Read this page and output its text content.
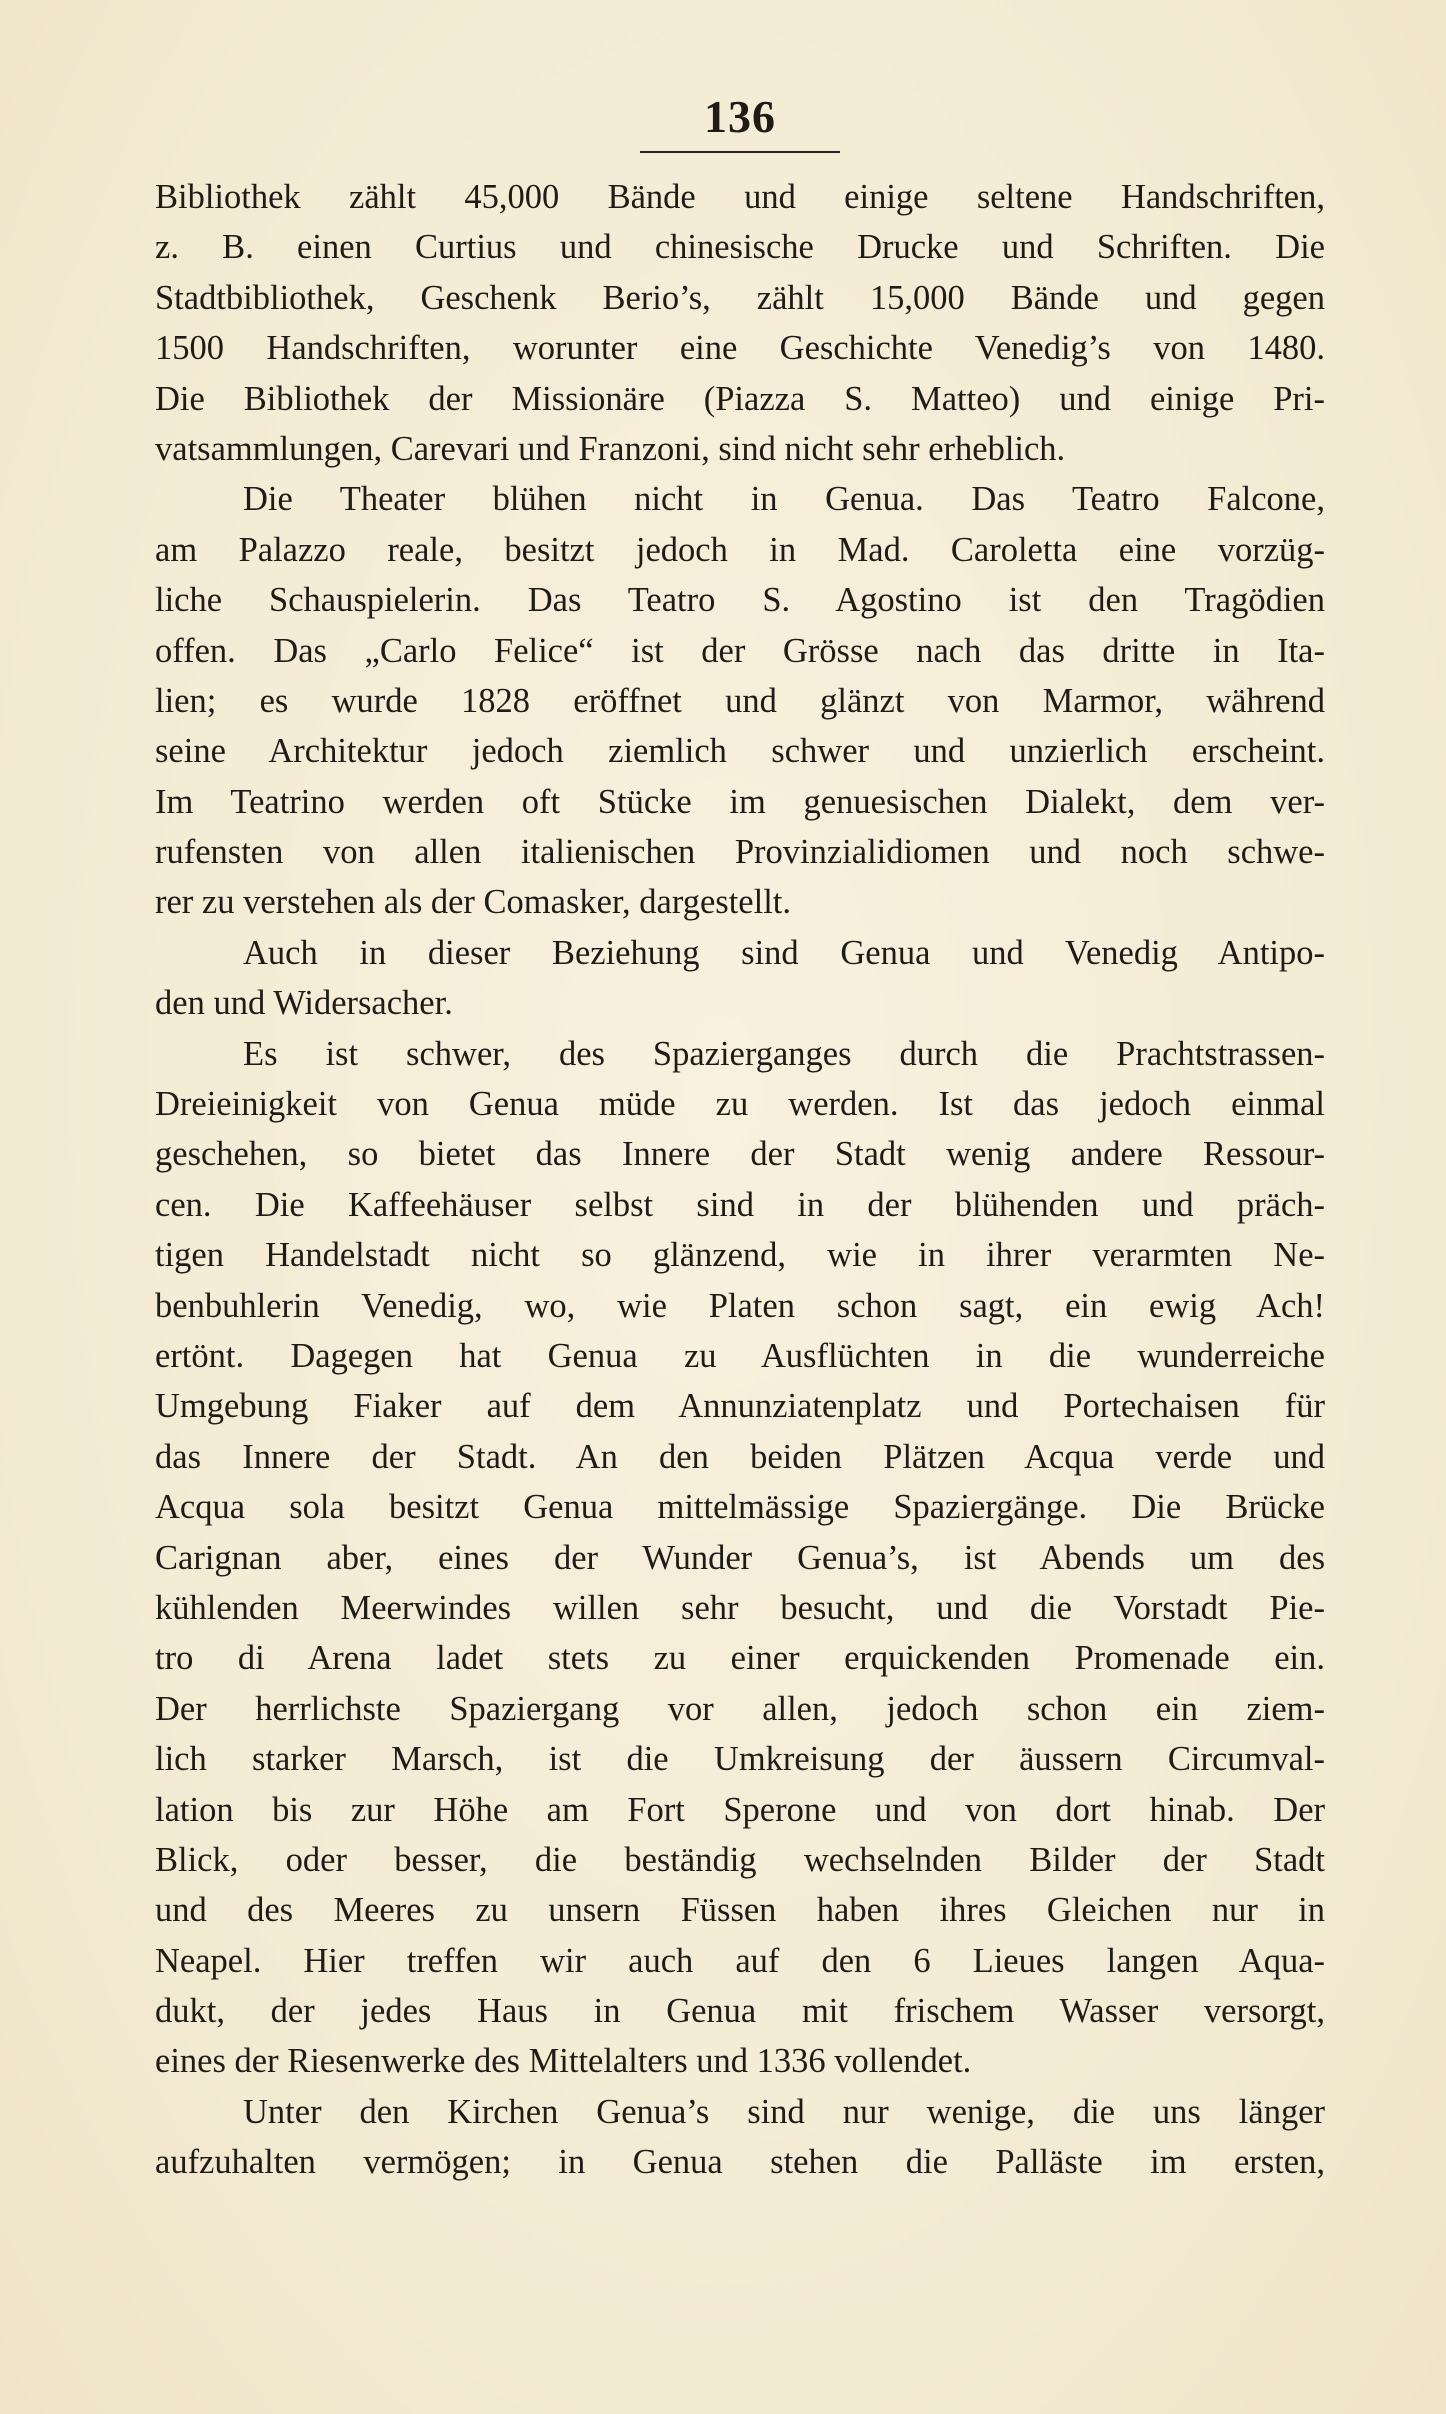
136
Bibliothek zählt 45,000 Bände und einige seltene Handschriften,
z. B. einen Curtius und chinesische Drucke und Schriften. Die
Stadtbibliothek, Geschenk Berio’s, zählt 15,000 Bände und gegen
1500 Handschriften, worunter eine Geschichte Venedig’s von 1480.
Die Bibliothek der Missionäre (Piazza S. Matteo) und einige Pri-
vatsammlungen, Carevari und Franzoni, sind nicht sehr erheblich.
Die Theater blühen nicht in Genua. Das Teatro Falcone,
am Palazzo reale, besitzt jedoch in Mad. Caroletta eine vorzüg-
liche Schauspielerin. Das Teatro S. Agostino ist den Tragödien
offen. Das „Carlo Felice“ ist der Grösse nach das dritte in Ita-
lien; es wurde 1828 eröffnet und glänzt von Marmor, während
seine Architektur jedoch ziemlich schwer und unzierlich erscheint.
Im Teatrino werden oft Stücke im genuesischen Dialekt, dem ver-
rufensten von allen italienischen Provinzialidiomen und noch schwe-
rer zu verstehen als der Comasker, dargestellt.
Auch in dieser Beziehung sind Genua und Venedig Antipo-
den und Widersacher.
Es ist schwer, des Spazierganges durch die Prachtstrassen-
Dreieinigkeit von Genua müde zu werden. Ist das jedoch einmal
geschehen, so bietet das Innere der Stadt wenig andere Ressour-
cen. Die Kaffeehäuser selbst sind in der blühenden und präch-
tigen Handelstadt nicht so glänzend, wie in ihrer verarmten Ne-
benbuhlerin Venedig, wo, wie Platen schon sagt, ein ewig Ach!
ertönt. Dagegen hat Genua zu Ausflüchten in die wunderreiche
Umgebung Fiaker auf dem Annunziatenplatz und Portechaisen für
das Innere der Stadt. An den beiden Plätzen Acqua verde und
Acqua sola besitzt Genua mittelmässige Spaziergänge. Die Brücke
Carignan aber, eines der Wunder Genua’s, ist Abends um des
kühlenden Meerwindes willen sehr besucht, und die Vorstadt Pie-
tro di Arena ladet stets zu einer erquickenden Promenade ein.
Der herrlichste Spaziergang vor allen, jedoch schon ein ziem-
lich starker Marsch, ist die Umkreisung der äussern Circumval-
lation bis zur Höhe am Fort Sperone und von dort hinab. Der
Blick, oder besser, die beständig wechselnden Bilder der Stadt
und des Meeres zu unsern Füssen haben ihres Gleichen nur in
Neapel. Hier treffen wir auch auf den 6 Lieues langen Aqua-
dukt, der jedes Haus in Genua mit frischem Wasser versorgt,
eines der Riesenwerke des Mittelalters und 1336 vollendet.
Unter den Kirchen Genua’s sind nur wenige, die uns länger
aufzuhalten vermögen; in Genua stehen die Palläste im ersten,
